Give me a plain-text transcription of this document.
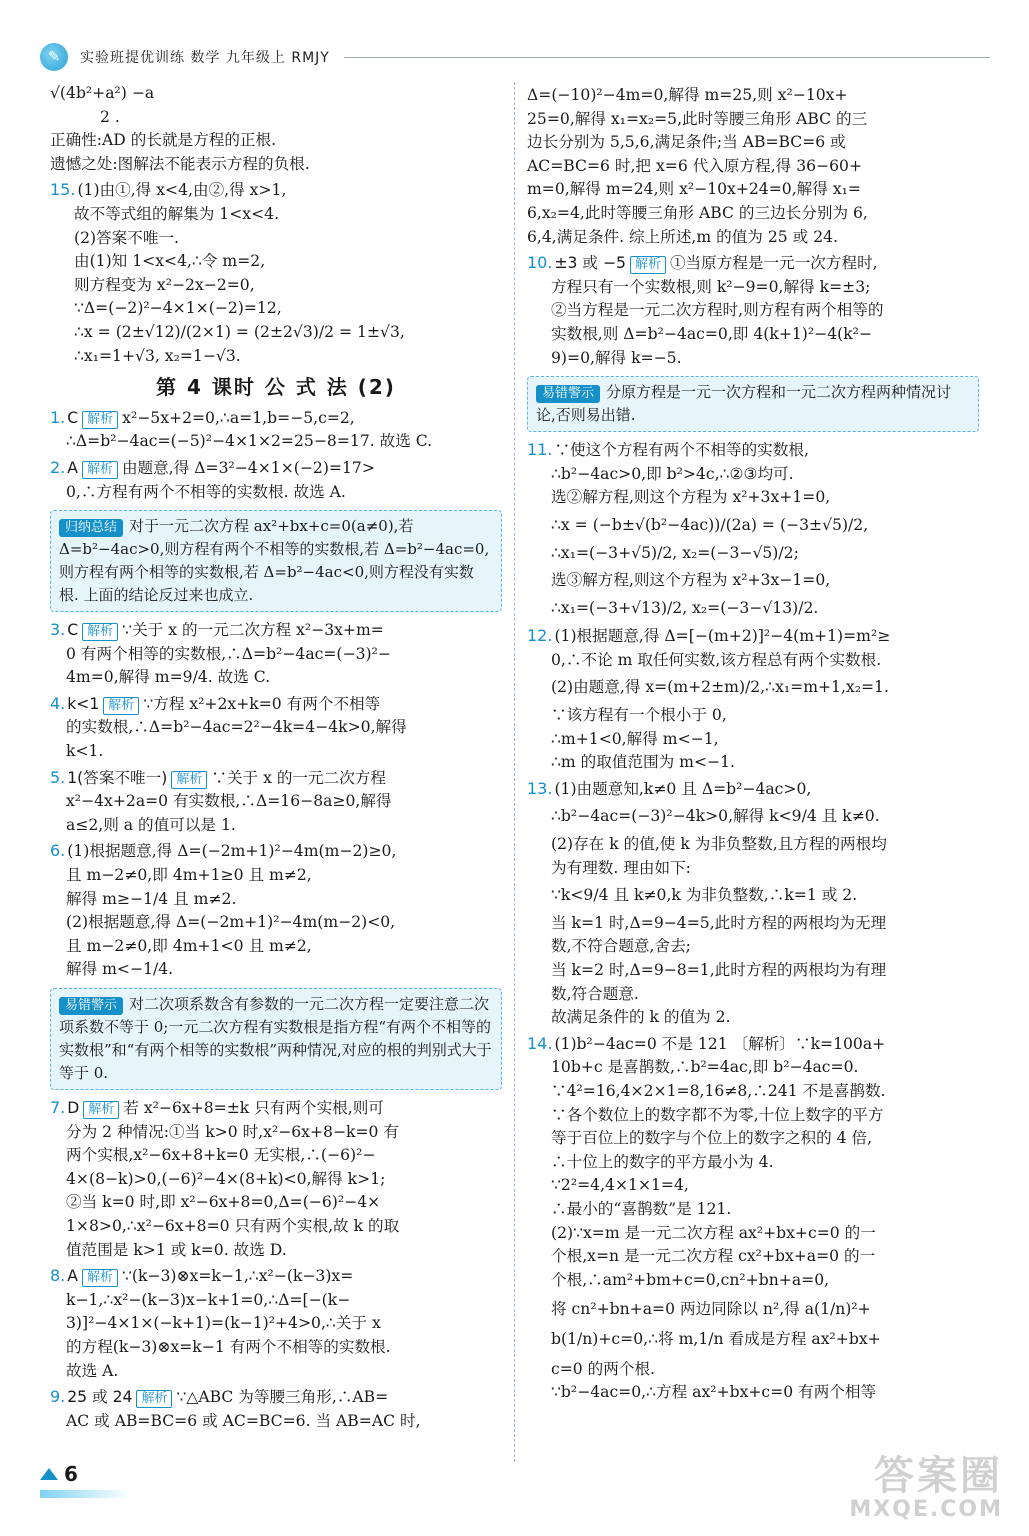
✎	实验班提优训练 数学 九年级上 RMJY

√(4b²+a²) −a

2 .

正确性:AD 的长就是方程的正根.

遗憾之处:图解法不能表示方程的负根.

15. (1)由①,得 x<4,由②,得 x>1,

故不等式组的解集为 1<x<4.

(2)答案不唯一.

由(1)知 1<x<4,∴令 m=2,

则方程变为 x²−2x−2=0,

∵Δ=(−2)²−4×1×(−2)=12,

∴x = (2±√12)/(2×1) = (2±2√3)/2 = 1±√3,

∴x₁=1+√3, x₂=1−√3.

第 4 课时 公 式 法 (2)

1. C 解析 x²−5x+2=0,∴a=1,b=−5,c=2,

∴Δ=b²−4ac=(−5)²−4×1×2=25−8=17. 故选 C.

2. A 解析 由题意,得 Δ=3²−4×1×(−2)=17>

0,∴方程有两个不相等的实数根. 故选 A.

归纳总结 对于一元二次方程 ax²+bx+c=0(a≠0),若 Δ=b²−4ac>0,则方程有两个不相等的实数根,若 Δ=b²−4ac=0,则方程有两个相等的实数根,若 Δ=b²−4ac<0,则方程没有实数根. 上面的结论反过来也成立.

3. C 解析 ∵关于 x 的一元二次方程 x²−3x+m=

0 有两个相等的实数根,∴Δ=b²−4ac=(−3)²−

4m=0,解得 m=9/4. 故选 C.

4. k<1 解析 ∵方程 x²+2x+k=0 有两个不相等

的实数根,∴Δ=b²−4ac=2²−4k=4−4k>0,解得

k<1.

5. 1(答案不唯一) 解析 ∵关于 x 的一元二次方程

x²−4x+2a=0 有实数根,∴Δ=16−8a≥0,解得

a≤2,则 a 的值可以是 1.

6. (1)根据题意,得 Δ=(−2m+1)²−4m(m−2)≥0,

且 m−2≠0,即 4m+1≥0 且 m≠2,

解得 m≥−1/4 且 m≠2.

(2)根据题意,得 Δ=(−2m+1)²−4m(m−2)<0,

且 m−2≠0,即 4m+1<0 且 m≠2,

解得 m<−1/4.

易错警示 对二次项系数含有参数的一元二次方程一定要注意二次项系数不等于 0;一元二次方程有实数根是指方程“有两个不相等的实数根”和“有两个相等的实数根”两种情况,对应的根的判别式大于等于 0.

7. D 解析 若 x²−6x+8=±k 只有两个实根,则可

分为 2 种情况:①当 k>0 时,x²−6x+8−k=0 有

两个实根,x²−6x+8+k=0 无实根,∴(−6)²−

4×(8−k)>0,(−6)²−4×(8+k)<0,解得 k>1;

②当 k=0 时,即 x²−6x+8=0,Δ=(−6)²−4×

1×8>0,∴x²−6x+8=0 只有两个实根,故 k 的取

值范围是 k>1 或 k=0. 故选 D.

8. A 解析 ∵(k−3)⊗x=k−1,∴x²−(k−3)x=

k−1,∴x²−(k−3)x−k+1=0,∴Δ=[−(k−

3)]²−4×1×(−k+1)=(k−1)²+4>0,∴关于 x

的方程(k−3)⊗x=k−1 有两个不相等的实数根.

故选 A.

9. 25 或 24 解析 ∵△ABC 为等腰三角形,∴AB=

AC 或 AB=BC=6 或 AC=BC=6. 当 AB=AC 时,

Δ=(−10)²−4m=0,解得 m=25,则 x²−10x+

25=0,解得 x₁=x₂=5,此时等腰三角形 ABC 的三

边长分别为 5,5,6,满足条件;当 AB=BC=6 或

AC=BC=6 时,把 x=6 代入原方程,得 36−60+

m=0,解得 m=24,则 x²−10x+24=0,解得 x₁=

6,x₂=4,此时等腰三角形 ABC 的三边长分别为 6,

6,4,满足条件. 综上所述,m 的值为 25 或 24.

10. ±3 或 −5 解析 ①当原方程是一元一次方程时,

方程只有一个实数根,则 k²−9=0,解得 k=±3;

②当方程是一元二次方程时,则方程有两个相等的

实数根,则 Δ=b²−4ac=0,即 4(k+1)²−4(k²−

9)=0,解得 k=−5.

易错警示 分原方程是一元一次方程和一元二次方程两种情况讨论,否则易出错.

11. ∵使这个方程有两个不相等的实数根,

∴b²−4ac>0,即 b²>4c,∴②③均可.

选②解方程,则这个方程为 x²+3x+1=0,

∴x = (−b±√(b²−4ac))/(2a) = (−3±√5)/2,

∴x₁=(−3+√5)/2, x₂=(−3−√5)/2;

选③解方程,则这个方程为 x²+3x−1=0,

∴x₁=(−3+√13)/2, x₂=(−3−√13)/2.

12. (1)根据题意,得 Δ=[−(m+2)]²−4(m+1)=m²≥

0,∴不论 m 取任何实数,该方程总有两个实数根.

(2)由题意,得 x=(m+2±m)/2,∴x₁=m+1,x₂=1.

∵该方程有一个根小于 0,

∴m+1<0,解得 m<−1,

∴m 的取值范围为 m<−1.

13. (1)由题意知,k≠0 且 Δ=b²−4ac>0,

∴b²−4ac=(−3)²−4k>0,解得 k<9/4 且 k≠0.

(2)存在 k 的值,使 k 为非负整数,且方程的两根均

为有理数. 理由如下:

∵k<9/4 且 k≠0,k 为非负整数,∴k=1 或 2.

当 k=1 时,Δ=9−4=5,此时方程的两根均为无理

数,不符合题意,舍去;

当 k=2 时,Δ=9−8=1,此时方程的两根均为有理

数,符合题意.

故满足条件的 k 的值为 2.

14. (1)b²−4ac=0 不是 121 〔解析〕∵k=100a+

10b+c 是喜鹊数,∴b²=4ac,即 b²−4ac=0.

∵4²=16,4×2×1=8,16≠8,∴241 不是喜鹊数.

∵各个数位上的数字都不为零,十位上数字的平方

等于百位上的数字与个位上的数字之积的 4 倍,

∴十位上的数字的平方最小为 4.

∵2²=4,4×1×1=4,

∴最小的“喜鹊数”是 121.

(2)∵x=m 是一元二次方程 ax²+bx+c=0 的一

个根,x=n 是一元二次方程 cx²+bx+a=0 的一

个根,∴am²+bm+c=0,cn²+bn+a=0,

将 cn²+bn+a=0 两边同除以 n²,得 a(1/n)²+

b(1/n)+c=0,∴将 m,1/n 看成是方程 ax²+bx+

c=0 的两个根.

∵b²−4ac=0,∴方程 ax²+bx+c=0 有两个相等

6	答案圈
MXQE.COM
